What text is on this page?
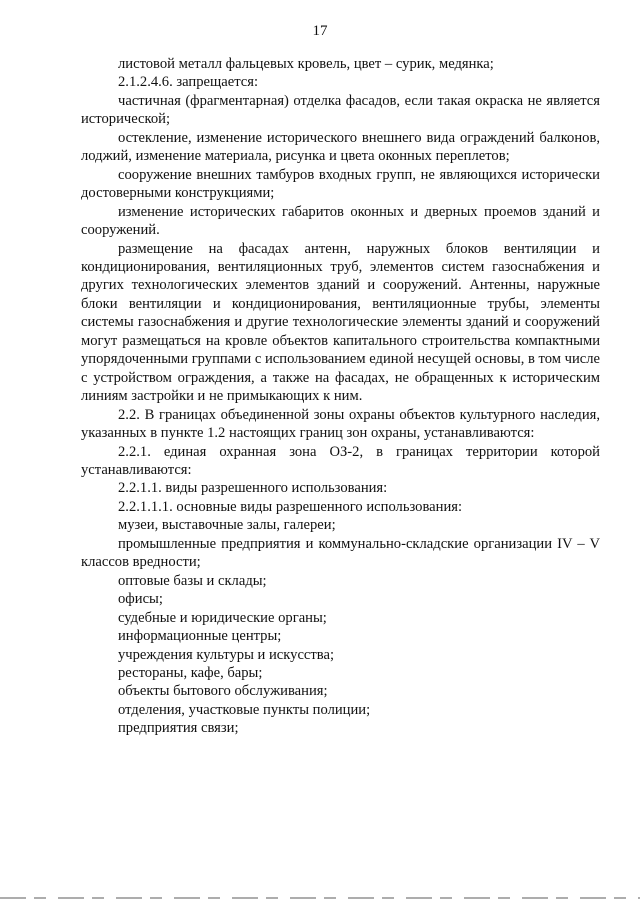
17

листовой металл фальцевых кровель, цвет – сурик, медянка;

2.1.2.4.6. запрещается:

частичная (фрагментарная) отделка фасадов, если такая окраска не является исторической;

остекление, изменение исторического внешнего вида ограждений балконов, лоджий, изменение материала, рисунка и цвета оконных переплетов;

сооружение внешних тамбуров входных групп, не являющихся исторически достоверными конструкциями;

изменение исторических габаритов оконных и дверных проемов зданий и сооружений.

размещение на фасадах антенн, наружных блоков вентиляции и кондиционирования, вентиляционных труб, элементов систем газоснабжения и других технологических элементов зданий и сооружений. Антенны, наружные блоки вентиляции и кондиционирования, вентиляционные трубы, элементы системы газоснабжения и другие технологические элементы зданий и сооружений могут размещаться на кровле объектов капитального строительства компактными упорядоченными группами с использованием единой несущей основы, в том числе с устройством ограждения, а также на фасадах, не обращенных к историческим линиям застройки и не примыкающих к ним.

2.2. В границах объединенной зоны охраны объектов культурного наследия, указанных в пункте 1.2 настоящих границ зон охраны, устанавливаются:

2.2.1. единая охранная зона ОЗ-2, в границах территории которой устанавливаются:

2.2.1.1. виды разрешенного использования:

2.2.1.1.1. основные виды разрешенного использования:

музеи, выставочные залы, галереи;

промышленные предприятия и коммунально-складские организации IV – V классов вредности;

оптовые базы и склады;

офисы;

судебные и юридические органы;

информационные центры;

учреждения культуры и искусства;

рестораны, кафе, бары;

объекты бытового обслуживания;

отделения, участковые пункты полиции;

предприятия связи;
